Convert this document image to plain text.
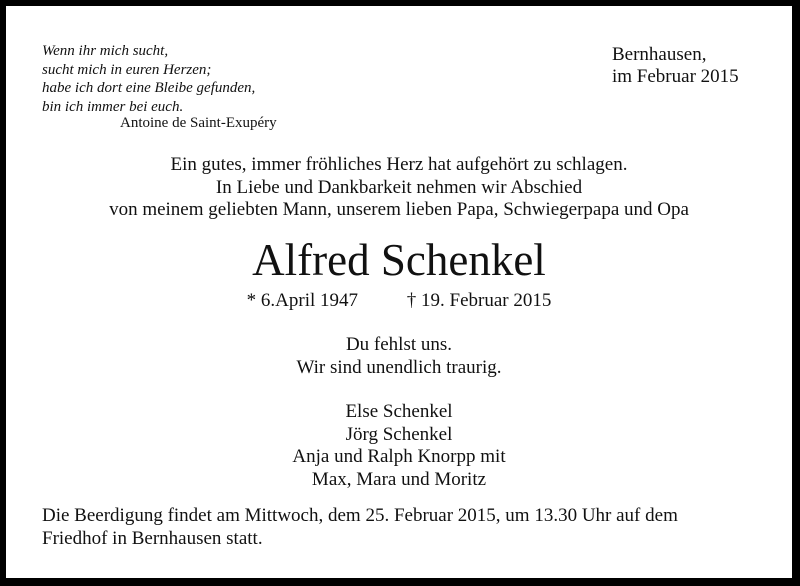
Wenn ihr mich sucht,
sucht mich in euren Herzen;
habe ich dort eine Bleibe gefunden,
bin ich immer bei euch.
Antoine de Saint-Exupéry
Bernhausen,
im Februar 2015
Ein gutes, immer fröhliches Herz hat aufgehört zu schlagen.
In Liebe und Dankbarkeit nehmen wir Abschied
von meinem geliebten Mann, unserem lieben Papa, Schwiegerpapa und Opa
Alfred Schenkel
* 6.April 1947	† 19. Februar 2015
Du fehlst uns.
Wir sind unendlich traurig.
Else Schenkel
Jörg Schenkel
Anja und Ralph Knorpp mit
Max, Mara und Moritz
Die Beerdigung findet am Mittwoch, dem 25. Februar 2015, um 13.30 Uhr auf dem
Friedhof in Bernhausen statt.
